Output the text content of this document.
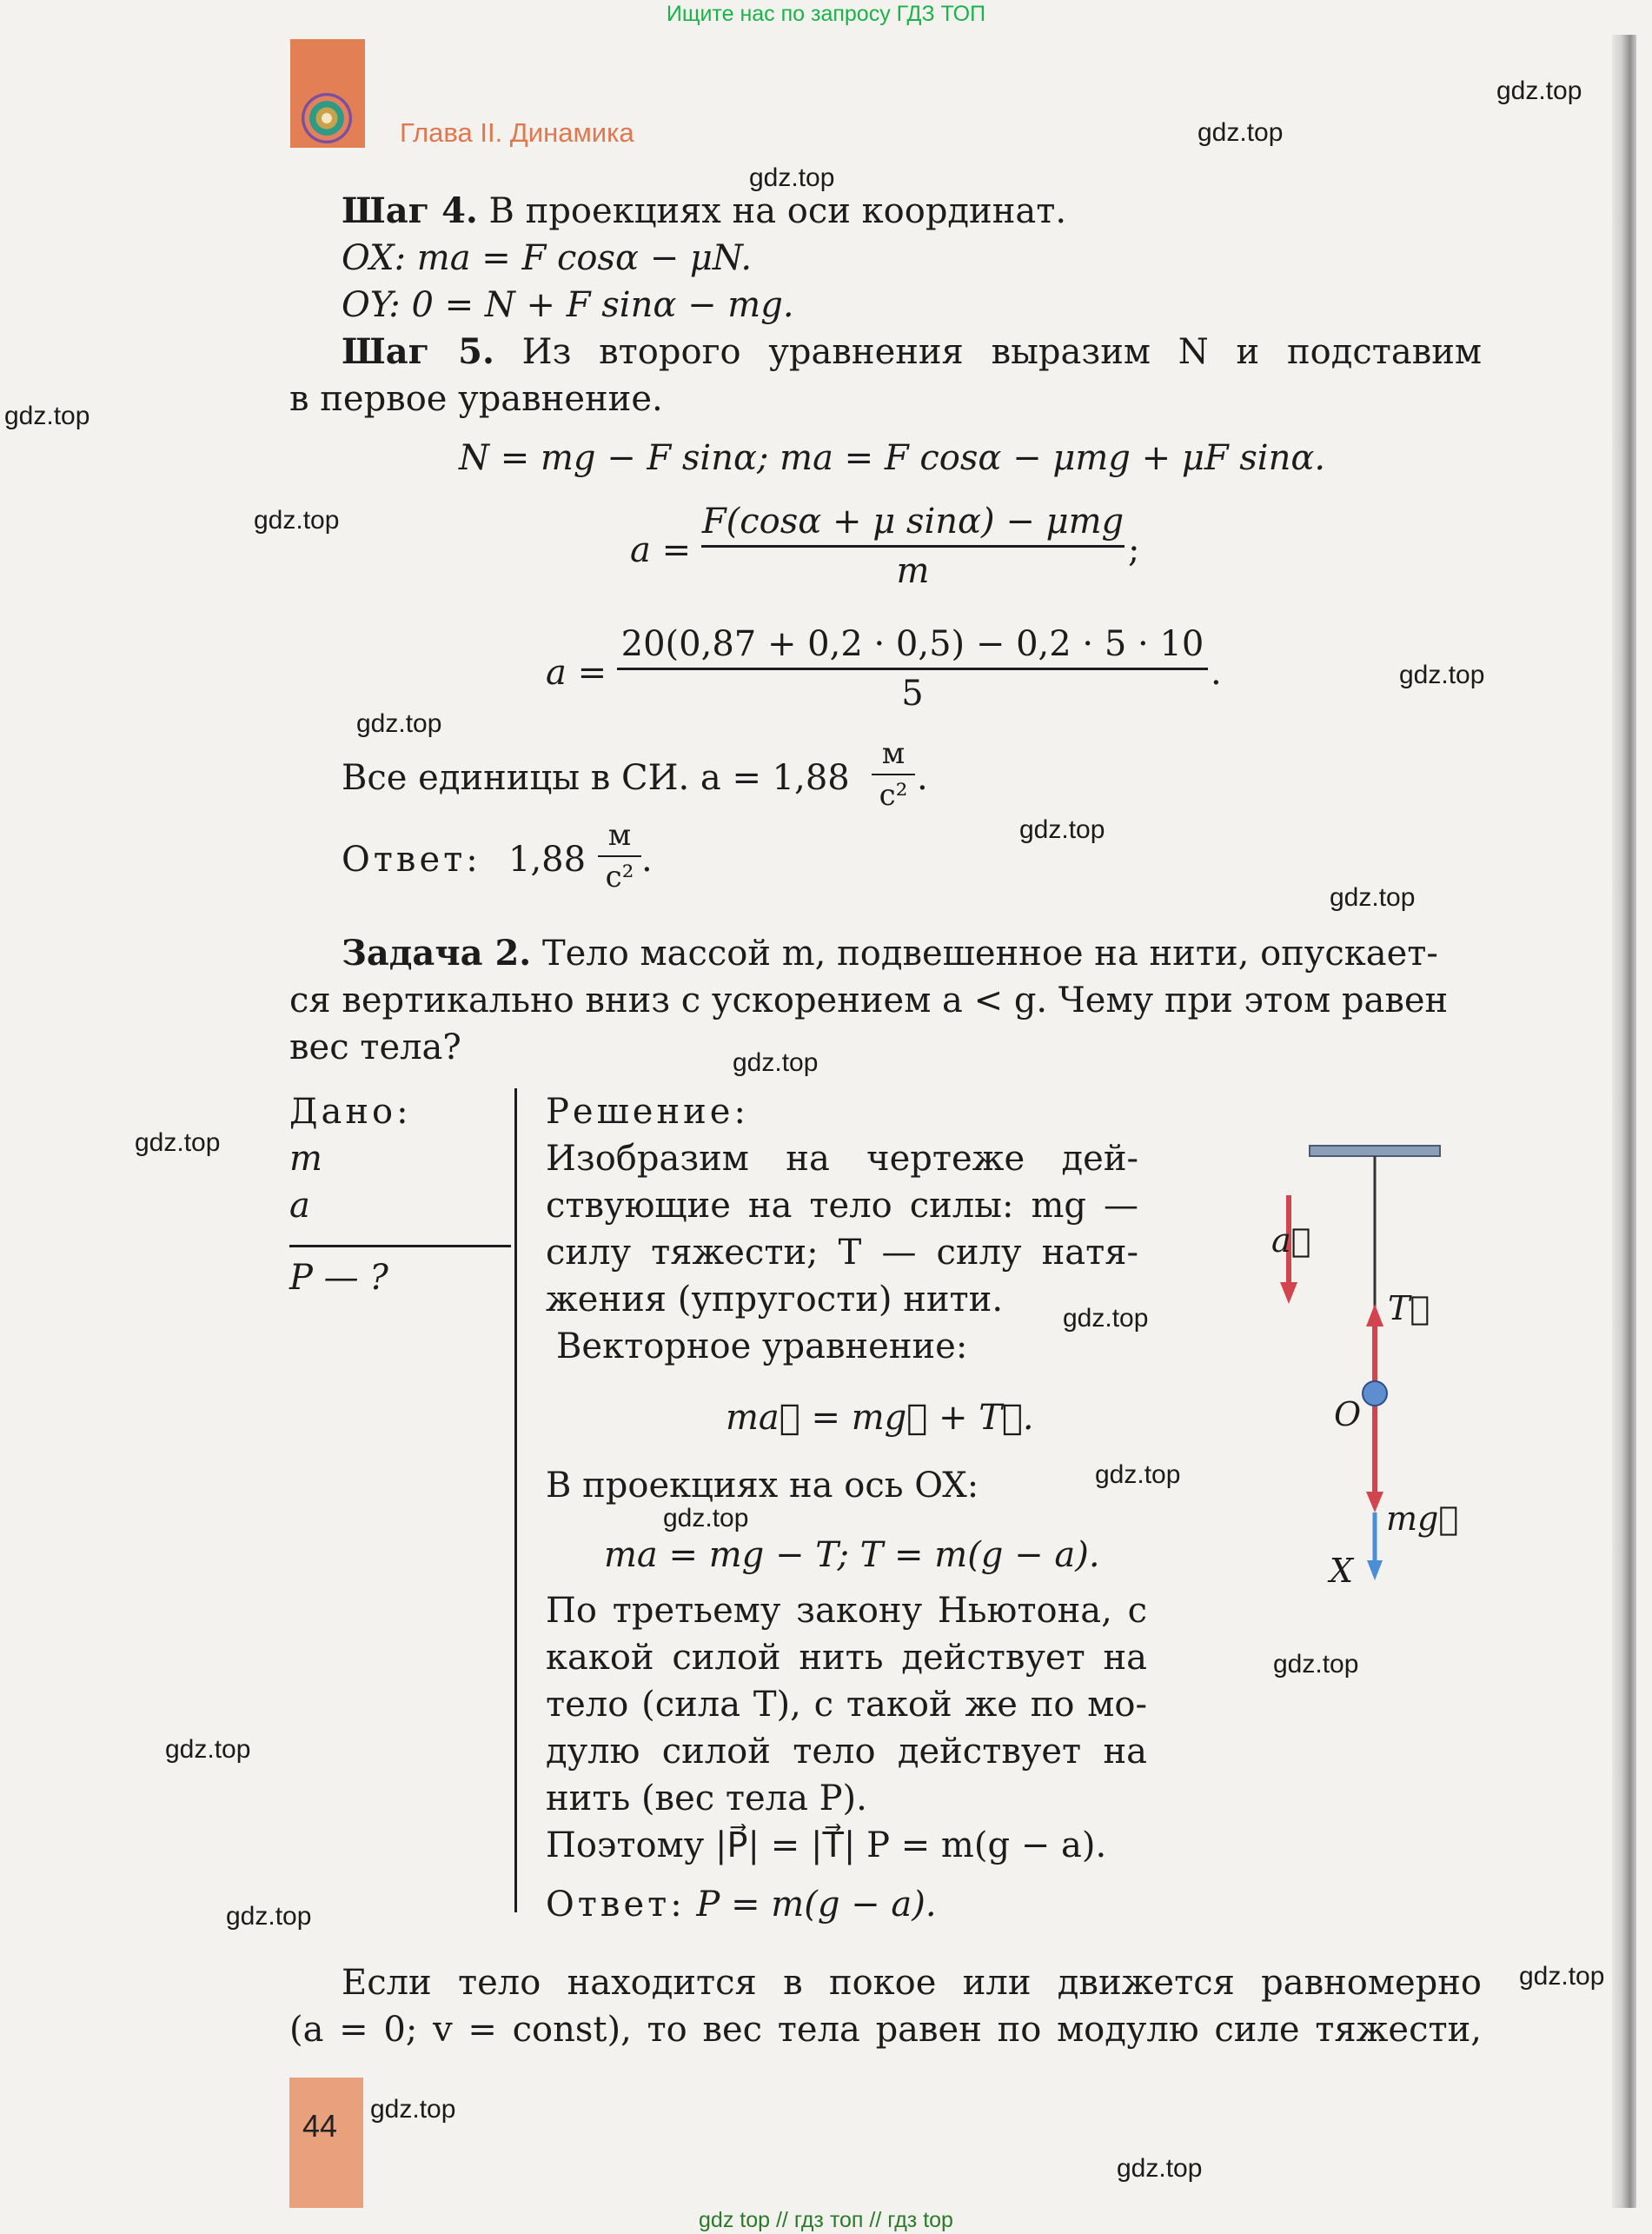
Ищите нас по запросу ГДЗ ТОП
Глава II. Динамика
gdz.top
gdz.top
gdz.top
gdz.top
gdz.top
gdz.top
gdz.top
gdz.top
gdz.top
gdz.top
gdz.top
gdz.top
gdz.top
gdz.top
gdz.top
gdz.top
gdz.top
gdz.top
gdz.top
gdz.top
Шаг 4. В проекциях на оси координат.
OX: ma = F cosα − μN.
OY: 0 = N + F sinα − mg.
Шаг 5. Из второго уравнения выразим N и подставим
в первое уравнение.
N = mg − F sinα; ma = F cosα − μmg + μF sinα.
a =
F(cosα + μ sinα) − μmg
m
;
a =
20(0,87 + 0,2 · 0,5) − 0,2 · 5 · 10
5
.
Все единицы в СИ. a = 1,88
м
с² .
Ответ: 1,88
м
с² .
Задача 2. Тело массой m, подвешенное на нити, опускает-
ся вертикально вниз с ускорением a < g. Чему при этом равен
вес тела?
Дано:
m
a
P — ?
Решение:
Изобразим на чертеже дей-
ствующие на тело силы: mg —
силу тяжести; T — силу натя-
жения (упругости) нити.
Векторное уравнение:
ma⃗ = mg⃗ + T⃗.
В проекциях на ось OX:
ma = mg − T; T = m(g − a).
По третьему закону Ньютона, с
какой силой нить действует на
тело (сила T), с такой же по мо-
дулю силой тело действует на
нить (вес тела P).
Поэтому |P⃗| = |T⃗| P = m(g − a).
Ответ: P = m(g − a).
a⃗
T⃗
O
mg⃗
X
Если тело находится в покое или движется равномерно
(a = 0; v = const), то вес тела равен по модулю силе тяжести,
44
gdz top // гдз топ // гдз top
